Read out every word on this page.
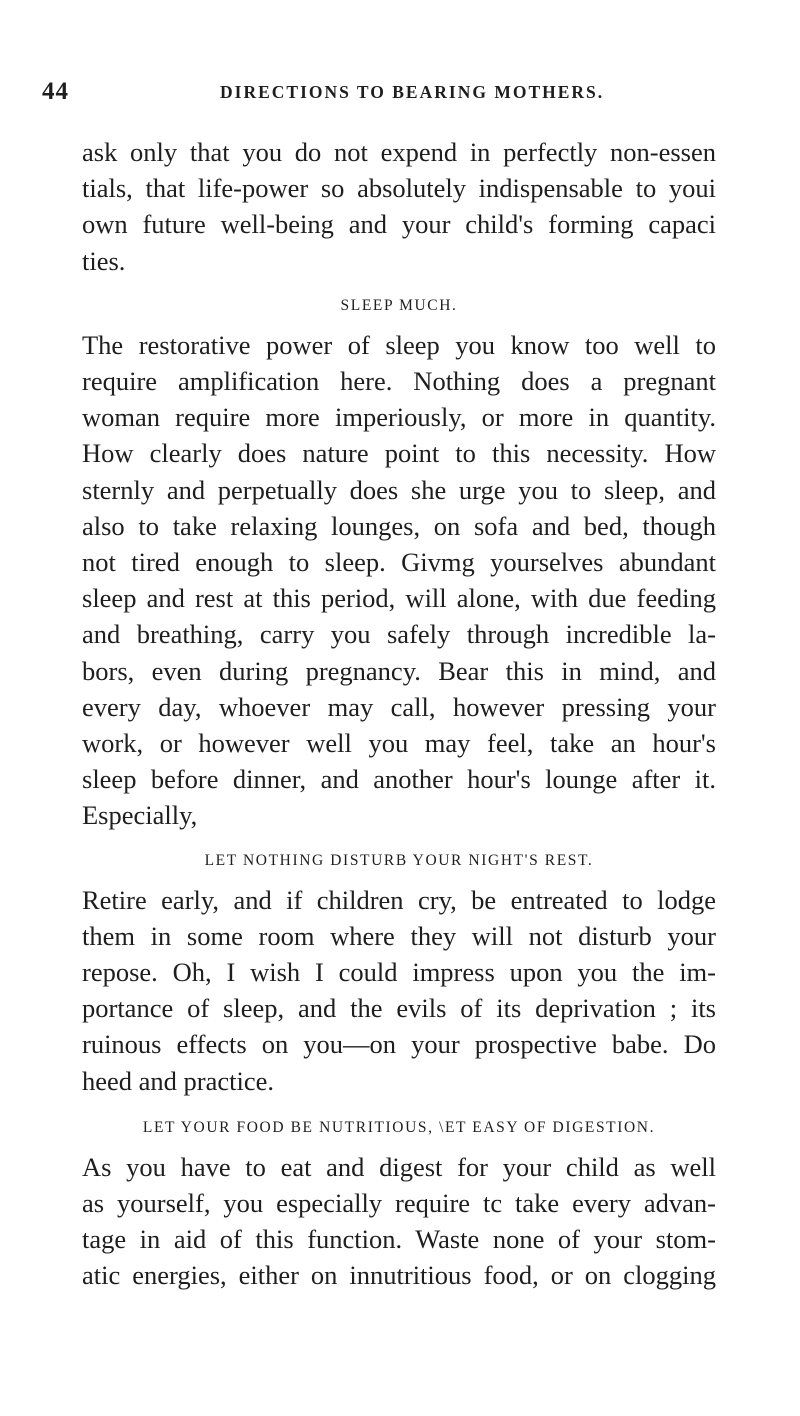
44	DIRECTIONS TO BEARING MOTHERS.

ask only that you do not expend in perfectly non-essen
tials, that life-power so absolutely indispensable to youi
own future well-being and your child's forming capaci
ties.

SLEEP MUCH.

The restorative power of sleep you know too well to
require amplification here. Nothing does a pregnant
woman require more imperiously, or more in quantity.
How clearly does nature point to this necessity. How
sternly and perpetually does she urge you to sleep, and
also to take relaxing lounges, on sofa and bed, though
not tired enough to sleep. Givmg yourselves abundant
sleep and rest at this period, will alone, with due feeding
and breathing, carry you safely through incredible la-
bors, even during pregnancy. Bear this in mind, and
every day, whoever may call, however pressing your
work, or however well you may feel, take an hour's
sleep before dinner, and another hour's lounge after it.
Especially,

LET NOTHING DISTURB YOUR NIGHT'S REST.

Retire early, and if children cry, be entreated to lodge
them in some room where they will not disturb your
repose. Oh, I wish I could impress upon you the im-
portance of sleep, and the evils of its deprivation ; its
ruinous effects on you—on your prospective babe. Do
heed and practice.

LET YOUR FOOD BE NUTRITIOUS, \ET EASY OF DIGESTION.

As you have to eat and digest for your child as well
as yourself, you especially require tc take every advan-
tage in aid of this function. Waste none of your stom-
atic energies, either on innutritious food, or on clogging
